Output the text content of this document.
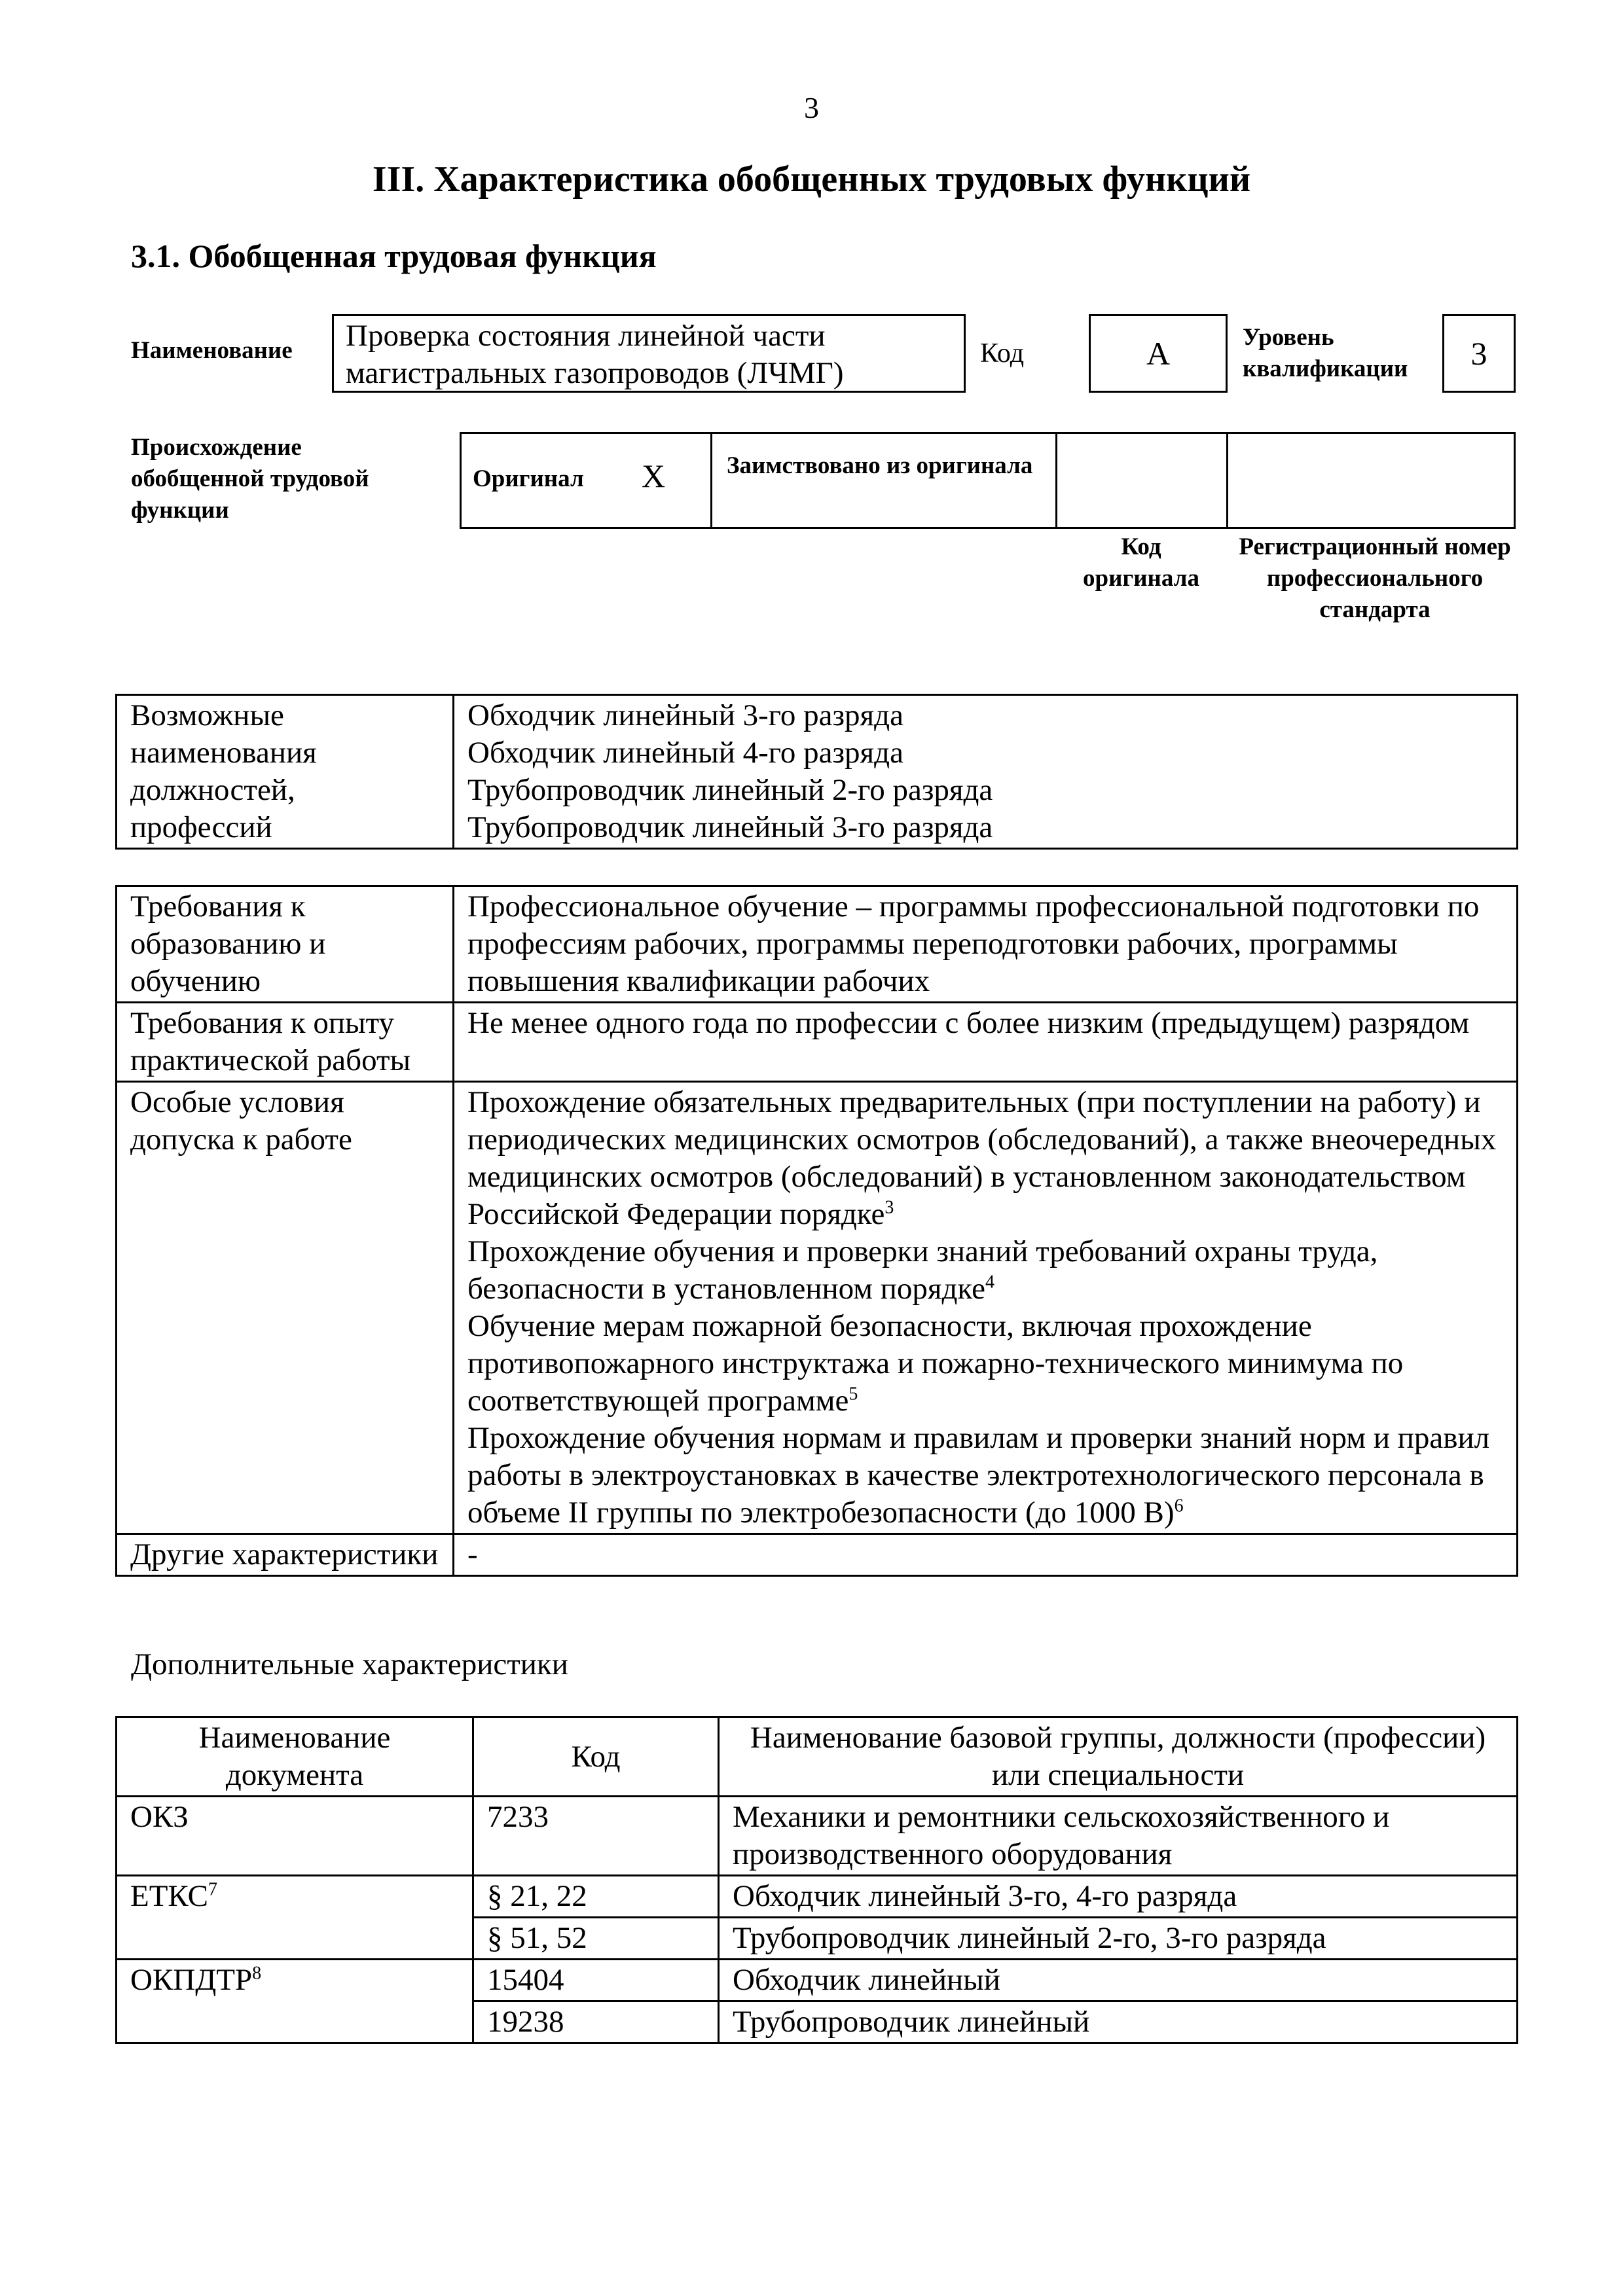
3
III. Характеристика обобщенных трудовых функций
3.1. Обобщенная трудовая функция
Наименование Проверка состояния линейной части магистральных газопроводов (ЛЧМГ)
Код	А	Уровень квалификации	3
Происхождение обобщенной трудовой функции
Оригинал X	Заимствовано из оригинала
Код оригинала
Регистрационный номер профессионального стандарта
Возможные наименования должностей, профессий	
Обходчик линейный 3-го разряда
Обходчик линейный 4-го разряда
Трубопроводчик линейный 2-го разряда
Трубопроводчик линейный 3-го разряда
Требования к образованию и обучению	Профессиональное обучение – программы профессиональной подготовки по профессиям рабочих, программы переподготовки рабочих, программы повышения квалификации рабочих
Требования к опыту практической работы	Не менее одного года по профессии с более низким (предыдущем) разрядом
Особые условия допуска к работе	Прохождение обязательных предварительных (при поступлении на работу) и периодических медицинских осмотров (обследований), а также внеочередных медицинских осмотров (обследований) в установленном законодательством Российской Федерации порядке$^3$
Прохождение обучения и проверки знаний требований охраны труда, безопасности в установленном порядке$^4$
Обучение мерам пожарной безопасности, включая прохождение противопожарного инструктажа и пожарно-технического минимума по соответствующей программе$^5$
Прохождение обучения нормам и правилам и проверки знаний норм и правил работы в электроустановках в качестве электротехнологического персонала в объеме II группы по электробезопасности (до 1000 В)$^6$

Другие характеристики	-
Дополнительные характеристики
Наименование документа	Код	Наименование базовой группы, должности (профессии) или специальности
ОКЗ	7233	Механики и ремонтники сельскохозяйственного и производственного оборудования
ЕТКС$^7$	§ 21, 22	Обходчик линейный 3-го, 4-го разряда
	§ 51, 52	Трубопроводчик линейный 2-го, 3-го разряда
ОКПДТР$^8$	15404	Обходчик линейный
	19238	Трубопроводчик линейный
